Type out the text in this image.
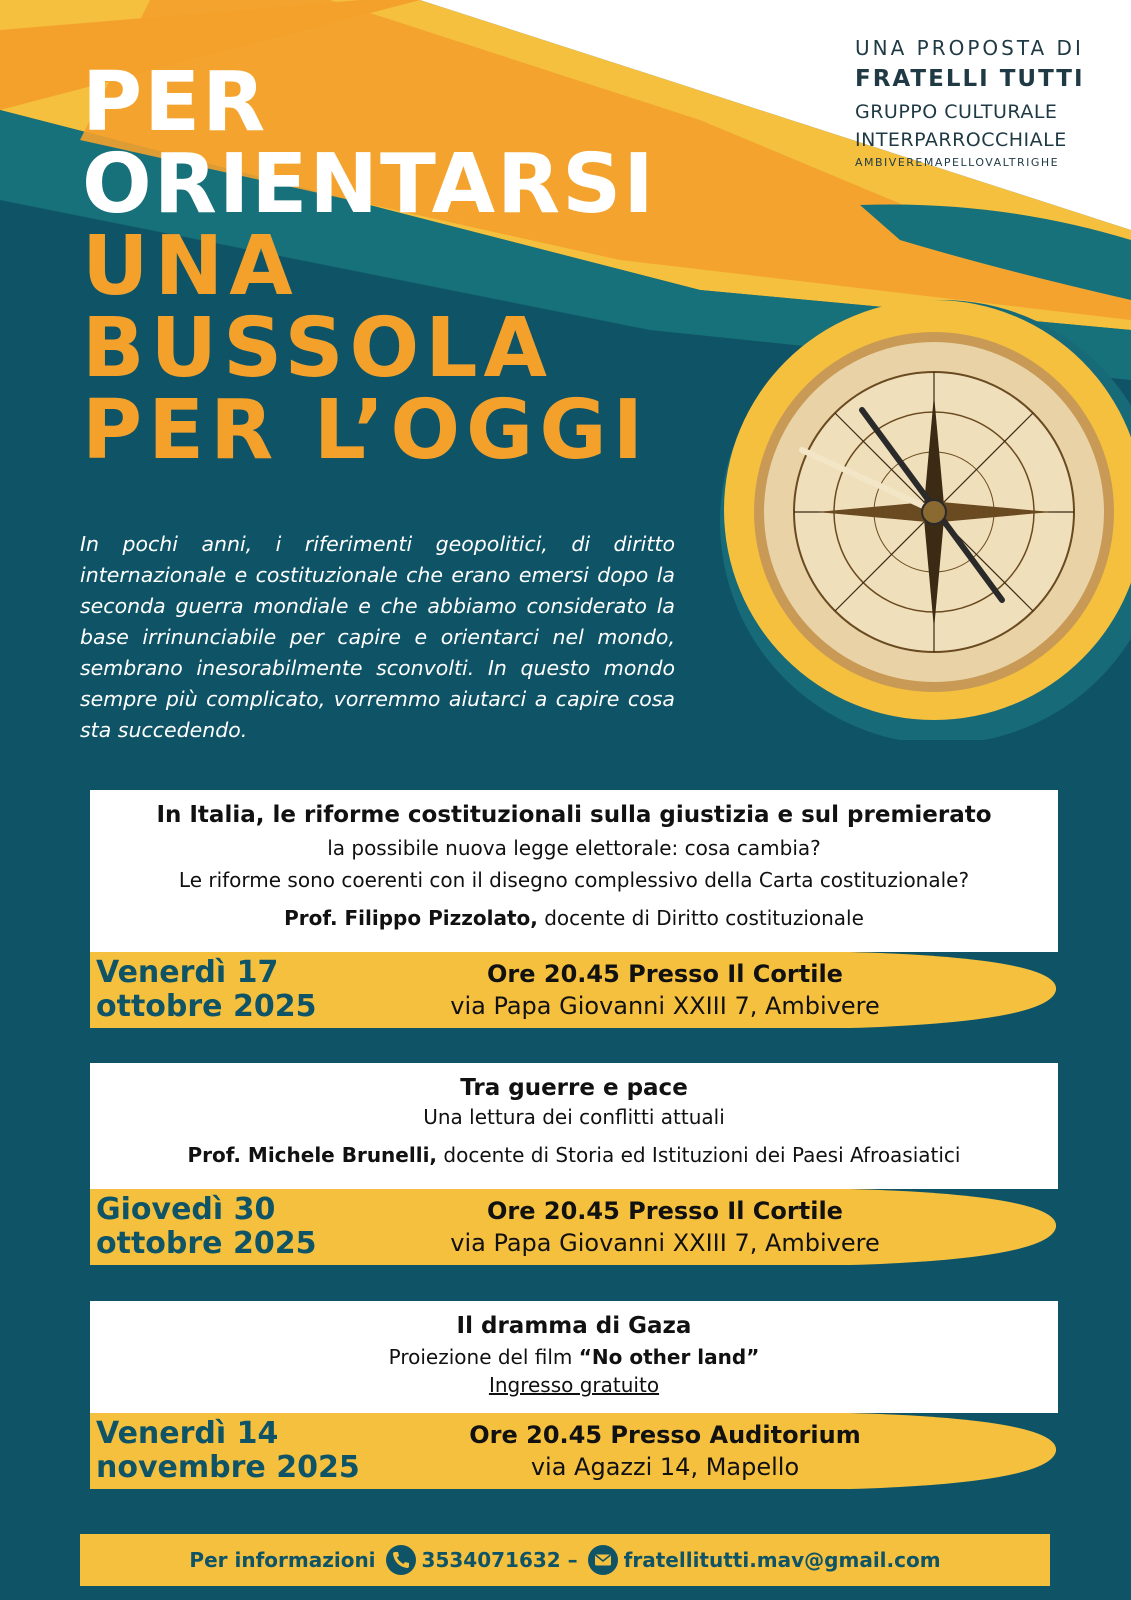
UNA PROPOSTA DI
FRATELLI TUTTI
GRUPPO CULTURALE
INTERPARROCCHIALE
AMBIVEREMAPELLOVALTRIGHE
PER
ORIENTARSI
UNA
BUSSOLA
PER L’OGGI

In pochi anni, i riferimenti geopolitici, di diritto internazionale e costituzionale che erano emersi dopo la seconda guerra mondiale e che abbiamo considerato la base irrinunciabile per capire e orientarci nel mondo, sembrano inesorabilmente sconvolti. In questo mondo sempre più complicato, vorremmo aiutarci a capire cosa sta succedendo.

In Italia, le riforme costituzionali sulla giustizia e sul premierato
la possibile nuova legge elettorale: cosa cambia?
Le riforme sono coerenti con il disegno complessivo della Carta costituzionale?
Prof. Filippo Pizzolato, docente di Diritto costituzionale
Venerdì 17
ottobre 2025
Ore 20.45 Presso Il Cortile
via Papa Giovanni XXIII 7, Ambivere
Tra guerre e pace
Una lettura dei conflitti attuali
Prof. Michele Brunelli, docente di Storia ed Istituzioni dei Paesi Afroasiatici
Giovedì 30
ottobre 2025
Ore 20.45 Presso Il Cortile
via Papa Giovanni XXIII 7, Ambivere
Il dramma di Gaza
Proiezione del film “No other land”
Ingresso gratuito
Venerdì 14
novembre 2025
Ore 20.45 Presso Auditorium
via Agazzi 14, Mapello
Per informazioni 3534071632 – fratellitutti.mav@gmail.com
